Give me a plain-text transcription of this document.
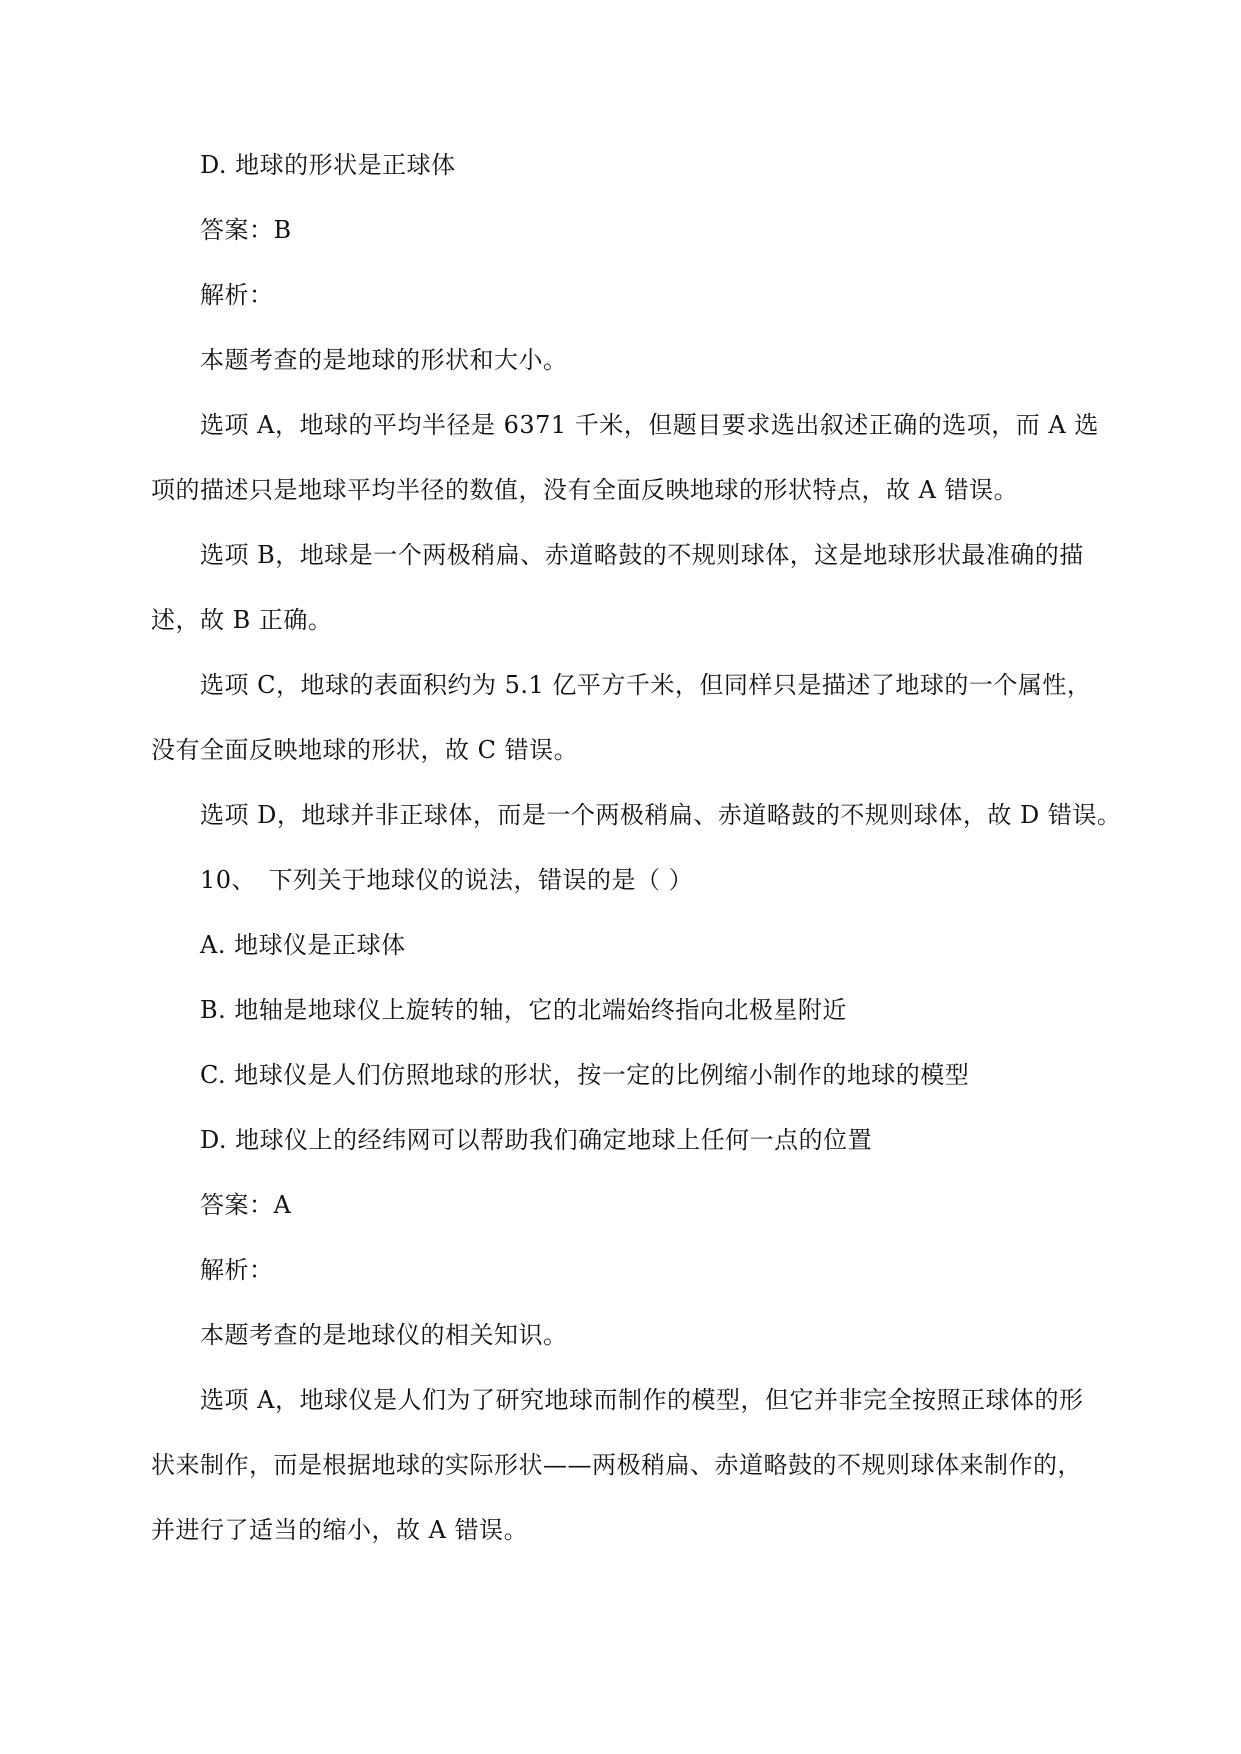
D. 地球的形状是正球体
答案：B
解析：
本题考查的是地球的形状和大小。
选项 A，地球的平均半径是 6371 千米，但题目要求选出叙述正确的选项，而 A 选
项的描述只是地球平均半径的数值，没有全面反映地球的形状特点，故 A 错误。
选项 B，地球是一个两极稍扁、赤道略鼓的不规则球体，这是地球形状最准确的描
述，故 B 正确。
选项 C，地球的表面积约为 5.1 亿平方千米，但同样只是描述了地球的一个属性，
没有全面反映地球的形状，故 C 错误。
选项 D，地球并非正球体，而是一个两极稍扁、赤道略鼓的不规则球体，故 D 错误。
10、　下列关于地球仪的说法，错误的是（ ）
A. 地球仪是正球体
B. 地轴是地球仪上旋转的轴，它的北端始终指向北极星附近
C. 地球仪是人们仿照地球的形状，按一定的比例缩小制作的地球的模型
D. 地球仪上的经纬网可以帮助我们确定地球上任何一点的位置
答案：A
解析：
本题考查的是地球仪的相关知识。
选项 A，地球仪是人们为了研究地球而制作的模型，但它并非完全按照正球体的形
状来制作，而是根据地球的实际形状——两极稍扁、赤道略鼓的不规则球体来制作的，
并进行了适当的缩小，故 A 错误。
